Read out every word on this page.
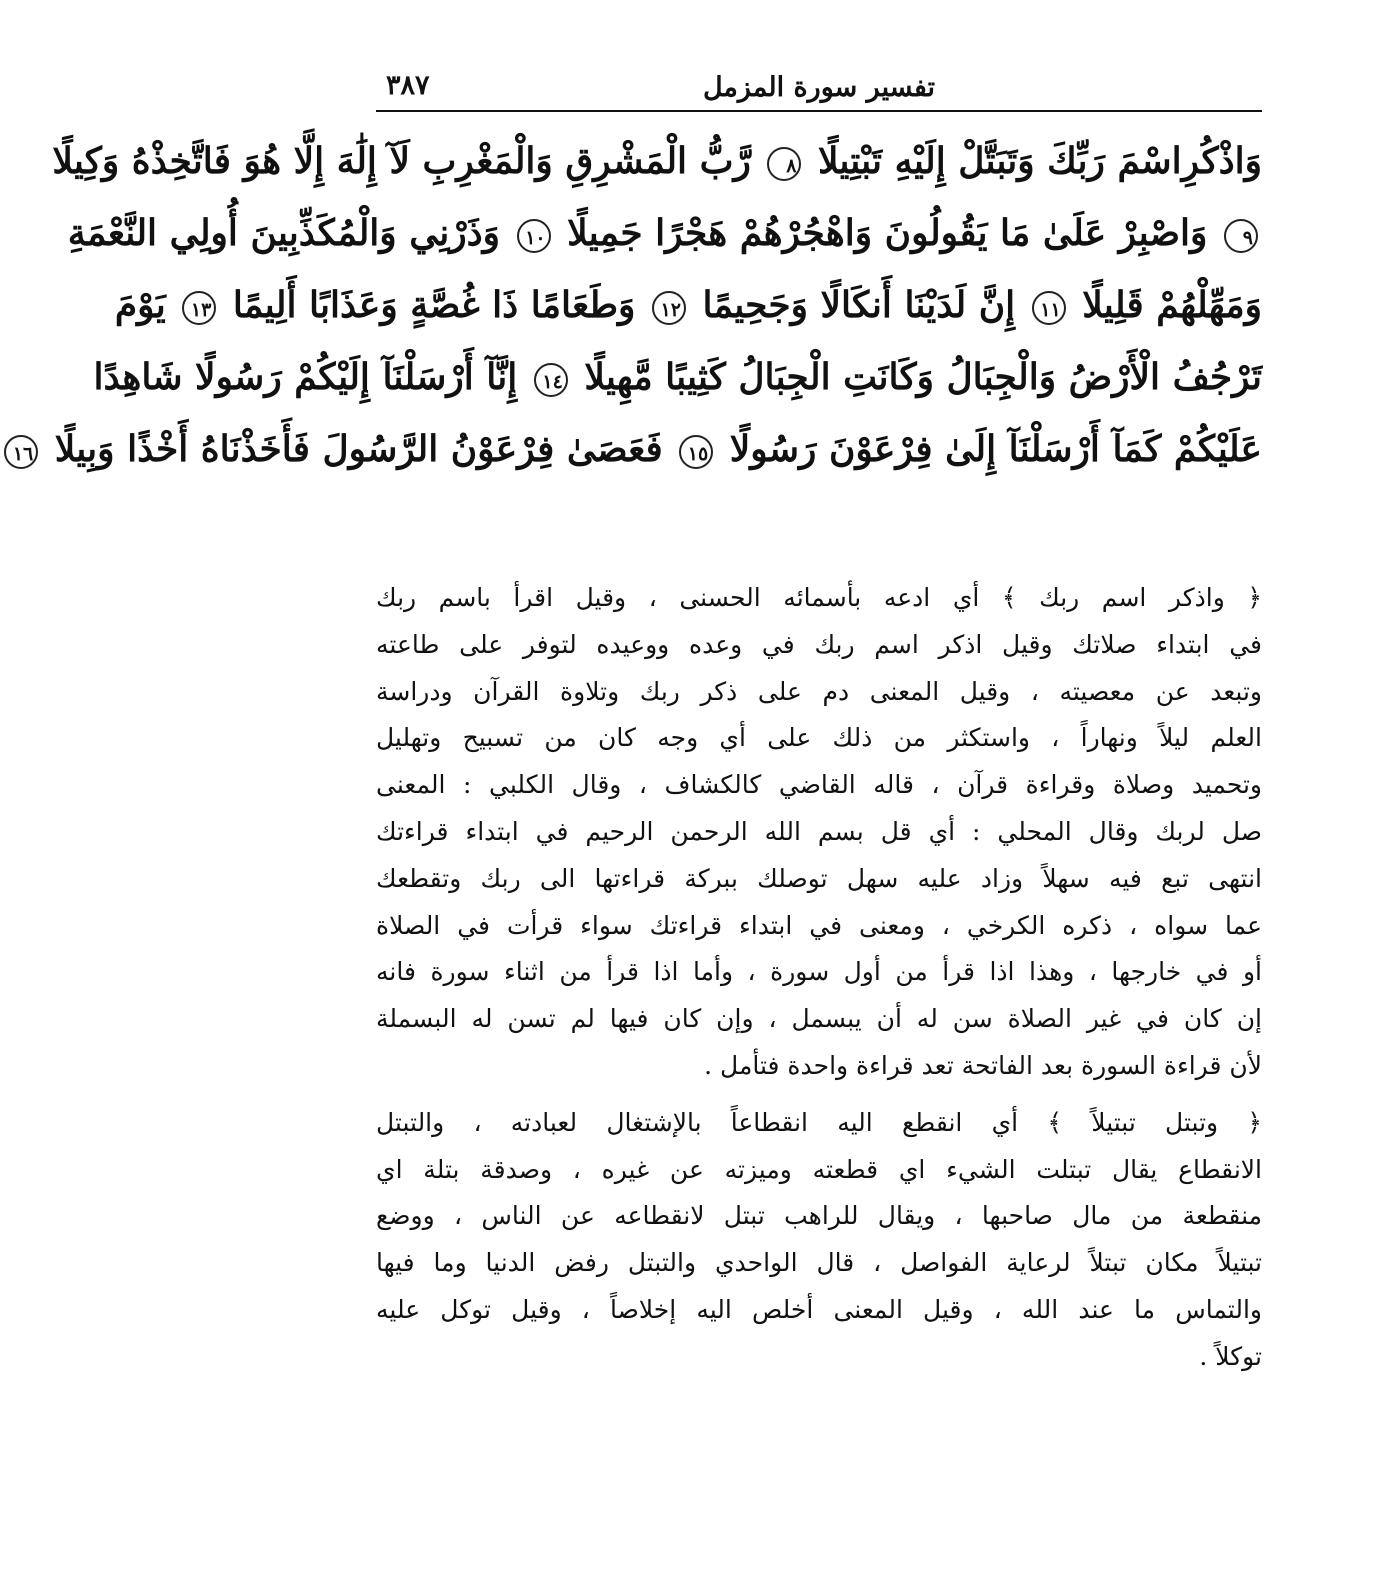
تفسير سورة المزمل
٣٨٧
وَاذْكُرِاسْمَ رَبِّكَ وَتَبَتَّلْ إِلَيْهِ تَبْتِيلًا ٨ رَّبُّ الْمَشْرِقِ وَالْمَغْرِبِ لَآ إِلَٰهَ إِلَّا هُوَ فَاتَّخِذْهُ وَكِيلًا
٩ وَاصْبِرْ عَلَىٰ مَا يَقُولُونَ وَاهْجُرْهُمْ هَجْرًا جَمِيلًا ١٠ وَذَرْنِي وَالْمُكَذِّبِينَ أُولِي النَّعْمَةِ
وَمَهِّلْهُمْ قَلِيلًا ١١ إِنَّ لَدَيْنَا أَنكَالًا وَجَحِيمًا ١٢ وَطَعَامًا ذَا غُصَّةٍ وَعَذَابًا أَلِيمًا ١٣ يَوْمَ
تَرْجُفُ الْأَرْضُ وَالْجِبَالُ وَكَانَتِ الْجِبَالُ كَثِيبًا مَّهِيلًا ١٤ إِنَّآ أَرْسَلْنَآ إِلَيْكُمْ رَسُولًا شَاهِدًا
عَلَيْكُمْ كَمَآ أَرْسَلْنَآ إِلَىٰ فِرْعَوْنَ رَسُولًا ١٥ فَعَصَىٰ فِرْعَوْنُ الرَّسُولَ فَأَخَذْنَاهُ أَخْذًا وَبِيلًا ١٦
﴿ واذكر اسم ربك ﴾ أي ادعه بأسمائه الحسنى ، وقيل اقرأ باسم ربك
في ابتداء صلاتك وقيل اذكر اسم ربك في وعده ووعيده لتوفر على طاعته
وتبعد عن معصيته ، وقيل المعنى دم على ذكر ربك وتلاوة القرآن ودراسة
العلم ليلاً ونهاراً ، واستكثر من ذلك على أي وجه كان من تسبيح وتهليل
وتحميد وصلاة وقراءة قرآن ، قاله القاضي كالكشاف ، وقال الكلبي : المعنى
صل لربك وقال المحلي : أي قل بسم الله الرحمن الرحيم في ابتداء قراءتك
انتهى تبع فيه سهلاً وزاد عليه سهل توصلك ببركة قراءتها الى ربك وتقطعك
عما سواه ، ذكره الكرخي ، ومعنى في ابتداء قراءتك سواء قرأت في الصلاة
أو في خارجها ، وهذا اذا قرأ من أول سورة ، وأما اذا قرأ من اثناء سورة فانه
إن كان في غير الصلاة سن له أن يبسمل ، وإن كان فيها لم تسن له البسملة
لأن قراءة السورة بعد الفاتحة تعد قراءة واحدة فتأمل .
﴿ وتبتل تبتيلاً ﴾ أي انقطع اليه انقطاعاً بالإشتغال لعبادته ، والتبتل
الانقطاع يقال تبتلت الشيء اي قطعته وميزته عن غيره ، وصدقة بتلة اي
منقطعة من مال صاحبها ، ويقال للراهب تبتل لانقطاعه عن الناس ، ووضع
تبتيلاً مكان تبتلاً لرعاية الفواصل ، قال الواحدي والتبتل رفض الدنيا وما فيها
والتماس ما عند الله ، وقيل المعنى أخلص اليه إخلاصاً ، وقيل توكل عليه
توكلاً .
